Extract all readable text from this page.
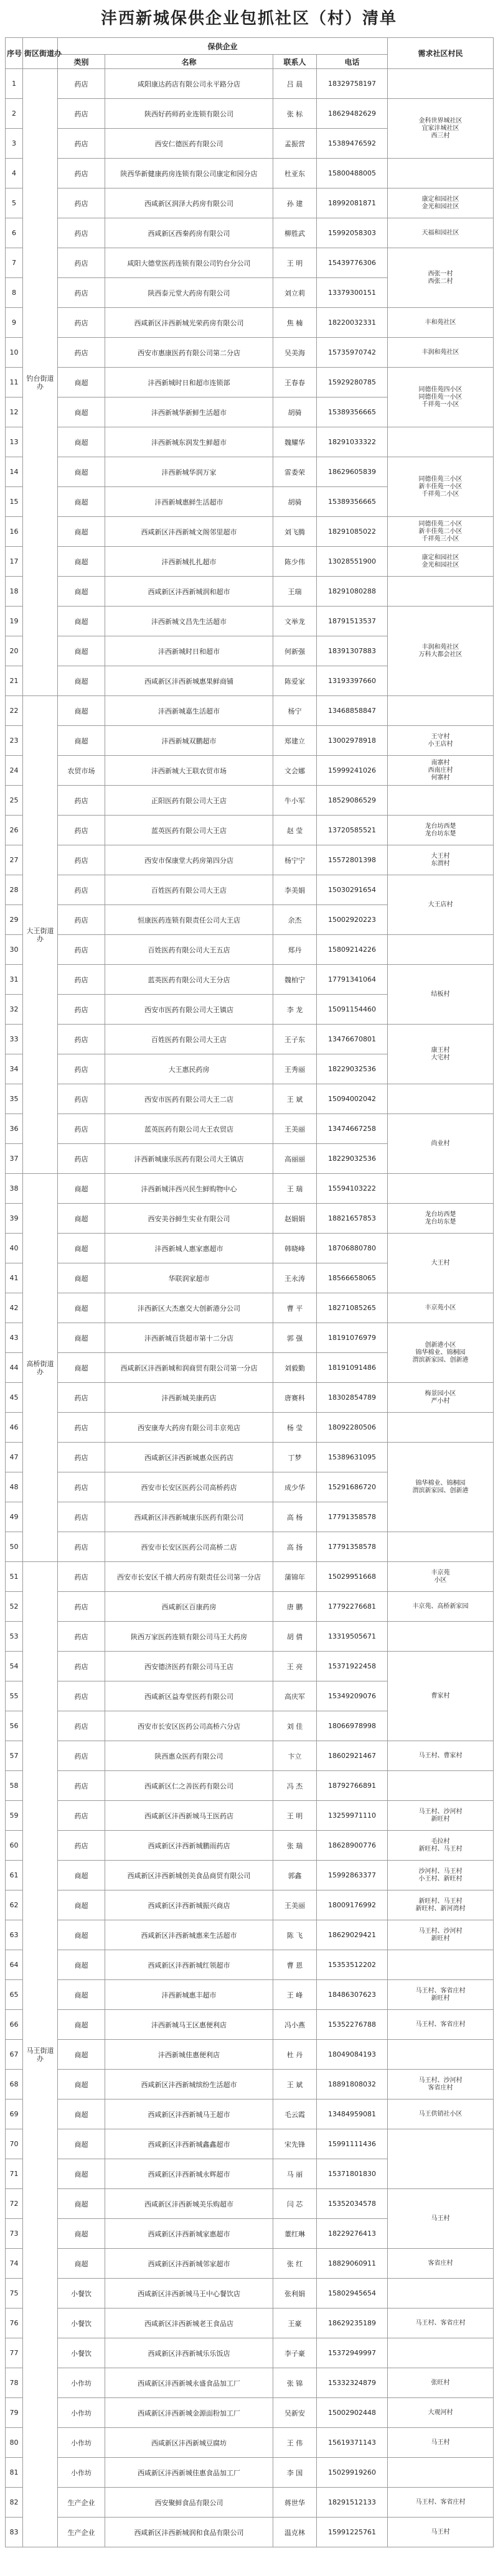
沣西新城保供企业包抓社区（村）清单
序号	街区街道办	保供企业				需求社区村民
		类别	名称	联系人	电话	
1	钓台街道办	药店	咸阳康达药店有限公司永平路分店	吕 晨	18329758197	
2		药店	陕西好药师药业连锁有限公司	张 标	18629482629	金科世界城社区
宜家沣城社区
西三村
3		药店	西安仁德医药有限公司	孟振营	15389476592	
4		药店	陕西华新健康药房连锁有限公司康定和园分店	杜亚东	15800488005	
5		药店	西咸新区润泽大药房有限公司	孙 建	18992081871	康定和园社区
金光和园社区
6		药店	西咸新区西秦药房有限公司	柳胜武	15992058303	天福和园社区
7		药店	咸阳大德堂医药连锁有限公司钓台分公司	王 明	15439776306	西张一村
西张二村
8		药店	陕西泰元堂大药房有限公司	刘立莉	13379300151	
9		药店	西咸新区沣西新城光荣药房有限公司	焦 楠	18220032331	丰和苑社区
10		药店	西安市惠康医药有限公司第二分店	吴美海	15735970742	丰润和苑社区
11		商超	沣西新城时日和超市连锁部	王春春	15929280785	同德佳苑四小区
同德佳苑一小区
千祥苑一小区
12		商超	沣西新城华新鲜生活超市	胡骑	15389356665	
13		商超	沣西新城东润发生鲜超市	魏耀华	18291033322	
14		商超	沣西新城华润万家	雷委荣	18629605839	同德佳苑三小区
新丰佳苑一小区
千祥苑二小区
15		商超	沣西新城惠鲜生活超市	胡骑	15389356665	
16		商超	西咸新区沣西新城文阁邻里超市	刘飞腾	18291085022	同德佳苑二小区
新丰佳苑二小区
千祥苑三小区
17		商超	沣西新城扎扎超市	陈少伟	13028551900	康定和园社区
金光和园社区
18		商超	西咸新区沣西新城润和超市	王瑞	18291080288	
19		商超	沣西新城文昌先生活超市	文举龙	18791513537	丰润和苑社区
万科大都会社区
20		商超	沣西新城时日和超市	何新强	18391307883	
21		商超	西咸新区沣西新城惠果鲜商铺	陈爱家	13193397660	
22	大王街道办	商超	沣西新城嘉生活超市	杨宁	13468858847	
23		商超	沣西新城双鹏超市	郑建立	13002978918	王守村
小王店村
24		农贸市场	沣西新城大王联农贸市场	文会娜	15999241026	南寨村
西南庄村
何寨村
25		药店	正阳医药有限公司大王店	牛小军	18529086529	
26		药店	蓝英医药有限公司大王店	赵 莹	13720585521	龙台坊西楚
龙台坊东楚
27		药店	西安市保康堂大药房第四分店	杨宁宁	15572801398	大王村
东渭村
28		药店	百姓医药有限公司大王店	李美娟	15030291654	大王店村
29		药店	恒康医药连锁有限责任公司大王店	余杰	15002920223	
30		药店	百姓医药有限公司大王五店	郑丹	15809214226	
31		药店	蓝英医药有限公司大王分店	魏柏宁	17791341064	结板村
32		药店	西安市医药有限公司大王镇店	李 龙	15091154460	
33		药店	百姓医药有限公司大王店	王子东	13476670801	康王村
大宅村
34		药店	大王惠民药房	王秀丽	18229032536	
35		药店	西安市医药有限公司大王二店	王 斌	15094002042	
36		药店	蓝英医药有限公司大王农贸店	王美丽	13474667258	尚业村
37		药店	沣西新城康乐医药有限公司大王镇店	高丽丽	18229032536	
38	高桥街道办	商超	沣西新城沣西兴民生鲜购物中心	王 瑞	15594103222	
39		商超	西安美谷鲜生实业有限公司	赵娟娟	18821657853	龙台坊西楚
龙台坊东楚
40		商超	沣西新城人惠家惠超市	韩晓峰	18706880780	大王村
41		商超	华联润家超市	王永涛	18566658065	
42		商超	沣西新区大杰惠交大创新港分公司	曹 平	18271085265	丰京苑小区
43		商超	沣西新城百货超市第十二分店	郭 强	18191076979	创新港小区
锦华棉业、锦桐园
渭滨新家园、创新港
44		商超	西咸新区沣西新城和润商贸有限公司第一分店	刘毅勤	18191091486	
45		药店	沣西新城美康药店	唐赛科	18302854789	梅景园小区
严小村
46		药店	西安康寿大药房有限公司丰京苑店	杨 莹	18092280506	
47		药店	西咸新区沣西新城惠众医药店	丁梦	15389631095	锦华棉业、锦桐园
渭滨新家园、创新港
48		药店	西安市长安区医药公司高桥药店	成少华	15291686720	
49		药店	西咸新区沣西新城康乐医药有限公司	高 杨	17791358578	
50		药店	西安市长安区医药公司高桥二店	高 扬	17791358578	
51	马王街道办	药店	西安市长安区千禧大药房有限责任公司第一分店	蒲锦年	15029951668	丰京苑
小区
52		药店	西咸新区百康药房	唐 鹏	17792276681	丰京苑、高桥新家园
53		药店	陕西万家医药连锁有限公司马王大药房	胡 倩	13319505671	
54		药店	西安德济医药有限公司马王店	王 亮	15371922458	曹家村
55		药店	西咸新区益寿堂医药有限公司	高庆军	15349209076	
56		药店	西安市长安区医药公司高桥六分店	刘 佳	18066978998	
57		药店	陕西惠众医药有限公司	卞立	18602921467	马王村、曹家村
58		药店	西咸新区仁之善医药有限公司	冯 杰	18792766891	
59		药店	西咸新区沣西新城马王医药店	王 明	13259971110	马王村、沙河村
新旺村
60		药店	西咸新区沣西新城鹏雨药店	张 瑞	18628900776	毛拉村
新旺村、马王村
61		商超	西咸新区沣西新城创美食品商贸有限公司	郭鑫	15992863377	沙河村、马王村
小王村、新旺村
62		商超	西咸新区沣西新城振兴商店	王美丽	18009176992	新旺村、马王村
新旺村、新河湾村
63		商超	西咸新区沣西新城惠来生活超市	陈 飞	18629029421	马王村、沙河村
新旺村
64		商超	西咸新区沣西新城红领超市	曹 恩	15353512202	
65		商超	沣西新城惠丰超市	王 峰	18486307623	马王村、客省庄村
新旺村
66		商超	沣西新城马王区惠便利店	冯小燕	15352276788	马王村、客省庄村
67		商超	沣西新城佳惠便利店	杜 丹	18049084193	
68		商超	西咸新区沣西新城缤纷生活超市	王 斌	18891808032	马王村、沙河村
客省庄村
69		商超	西咸新区沣西新城马王超市	毛云霞	13484959081	马王供销社小区
70		商超	西咸新区沣西新城鑫鑫超市	宋先锋	15991111436	
71		商超	西咸新区沣西新城永辉超市	马 丽	15371801830	
72		商超	西咸新区沣西新城美乐购超市	闫 芯	15352034578	马王村
73		商超	西咸新区沣西新城家惠超市	董红琳	18229276413	
74		商超	西咸新区沣西新城邻家超市	张 红	18829060911	客省庄村
75		小餐饮	西咸新区沣西新城马王中心餐饮店	张利娟	15802945654	
76		小餐饮	西咸新区沣西新城老王食品店	王豪	18629235189	马王村、客省庄村
77		小餐饮	西咸新区沣西新城乐乐饭店	李子豪	15372949997	
78		小作坊	西咸新区沣西新城永盛食品加工厂	张 锦	15332324879	张旺村
79		小作坊	西咸新区沣西新城金源面粉加工厂	吴新安	15002902448	大观河村
80		小作坊	西咸新区沣西新城豆腐坊	王 伟	15619371143	马王村
81		小作坊	西咸新区沣西新城佳惠食品加工厂	李 国	15029919260	
82		生产企业	西安聚鲜食品有限公司	蒋世华	18291512133	马王村、客省庄村
83		生产企业	西咸新区沣西新城润和食品有限公司	温克林	15991225761	马王村
